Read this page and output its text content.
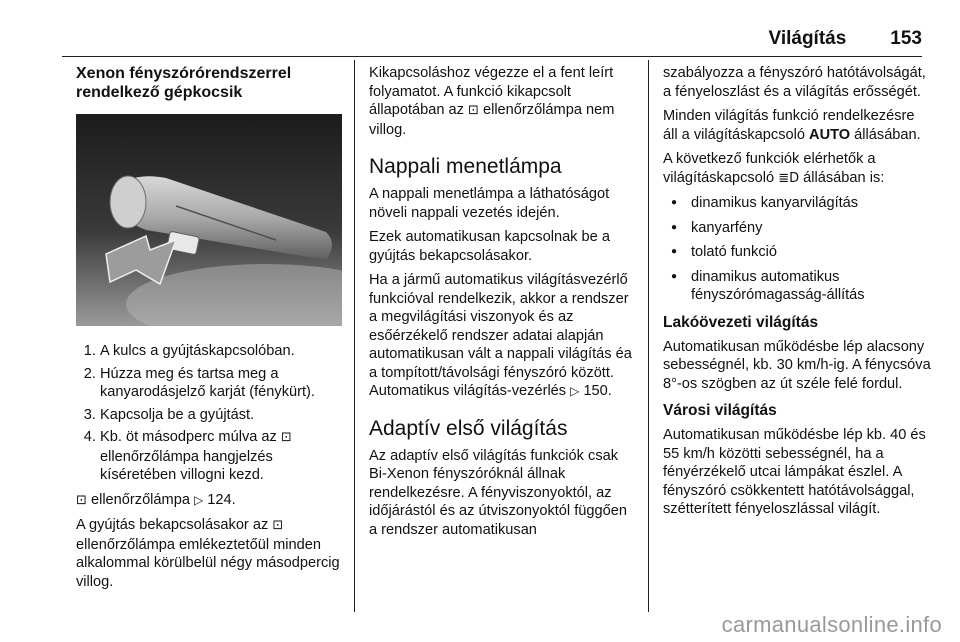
Világítás 153
Xenon fényszórórendszerrel rendelkező gépkocsik
1. A kulcs a gyújtáskapcsolóban.
2. Húzza meg és tartsa meg a kanyarodásjelző karját (fénykürt).
3. Kapcsolja be a gyújtást.
4. Kb. öt másodperc múlva az ⊡
ellenőrzőlámpa hangjelzés kíséretében villogni kezd.

⊡ ellenőrzőlámpa ▷ 124.

A gyújtás bekapcsolásakor az ⊡
ellenőrzőlámpa emlékeztetőül minden alkalommal körülbelül négy másodpercig villog.

Kikapcsoláshoz végezze el a fent leírt folyamatot. A funkció kikapcsolt állapotában az ⊡ ellenőrzőlámpa nem villog.

Nappali menetlámpa

A nappali menetlámpa a láthatóságot növeli nappali vezetés idején.

Ezek automatikusan kapcsolnak be a gyújtás bekapcsolásakor.

Ha a jármű automatikus világításvezérlő funkcióval rendelkezik, akkor a rendszer a megvilágítási viszonyok és az esőérzékelő rendszer adatai alapján automatikusan vált a nappali világítás éa a tompított/távolsági fényszóró között. Automatikus világítás-vezérlés ▷ 150.

Adaptív első világítás

Az adaptív első világítás funkciók csak Bi-Xenon fényszóróknál állnak rendelkezésre. A fényviszonyoktól, az időjárástól és az útviszonyoktól függően a rendszer automatikusan

szabályozza a fényszóró hatótávolságát, a fényeloszlást és a világítás erősségét.

Minden világítás funkció rendelkezésre áll a világításkapcsoló AUTO állásában.

A következő funkciók elérhetők a világításkapcsoló ≣D állásában is:

● dinamikus kanyarvilágítás
● kanyarfény
● tolató funkció
● dinamikus automatikus fényszórómagasság-állítás
Lakóövezeti világítás

Automatikusan működésbe lép alacsony sebességnél, kb. 30 km/h-ig. A fénycsóva 8°-os szögben az út széle felé fordul.

Városi világítás

Automatikusan működésbe lép kb. 40 és 55 km/h közötti sebességnél, ha a fényérzékelő utcai lámpákat észlel. A fényszóró csökkentett hatótávolsággal, szétterített fényeloszlással világít.

carmanualsonline.info
